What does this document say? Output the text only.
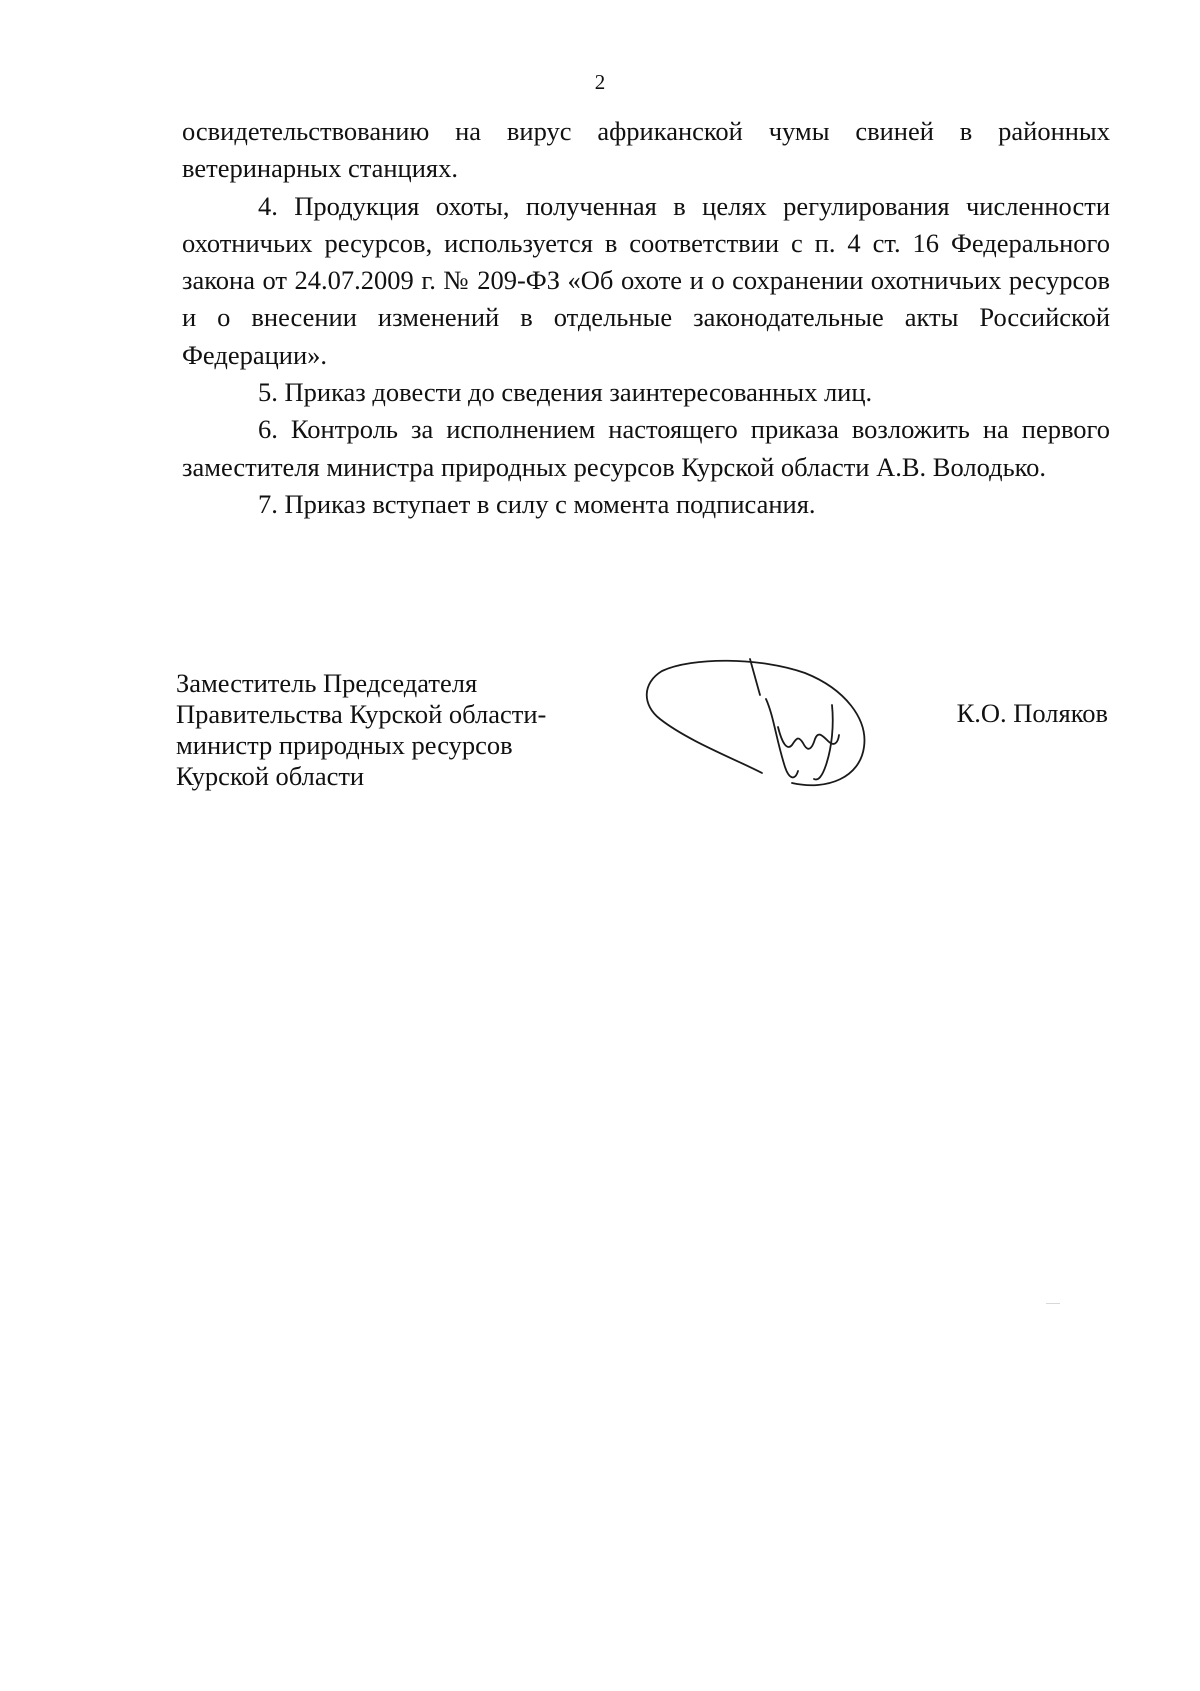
2

освидетельствованию на вирус африканской чумы свиней в районных ветеринарных станциях.

4. Продукция охоты, полученная в целях регулирования численности охотничьих ресурсов, используется в соответствии с п. 4 ст. 16 Федерального закона от 24.07.2009 г. № 209-ФЗ «Об охоте и о сохранении охотничьих ресурсов и о внесении изменений в отдельные законодательные акты Российской Федерации».

5. Приказ довести до сведения заинтересованных лиц.

6. Контроль за исполнением настоящего приказа возложить на первого заместителя министра природных ресурсов Курской области А.В. Володько.

7. Приказ вступает в силу с момента подписания.

Заместитель Председателя
Правительства Курской области-
министр природных ресурсов
Курской области
К.О. Поляков
